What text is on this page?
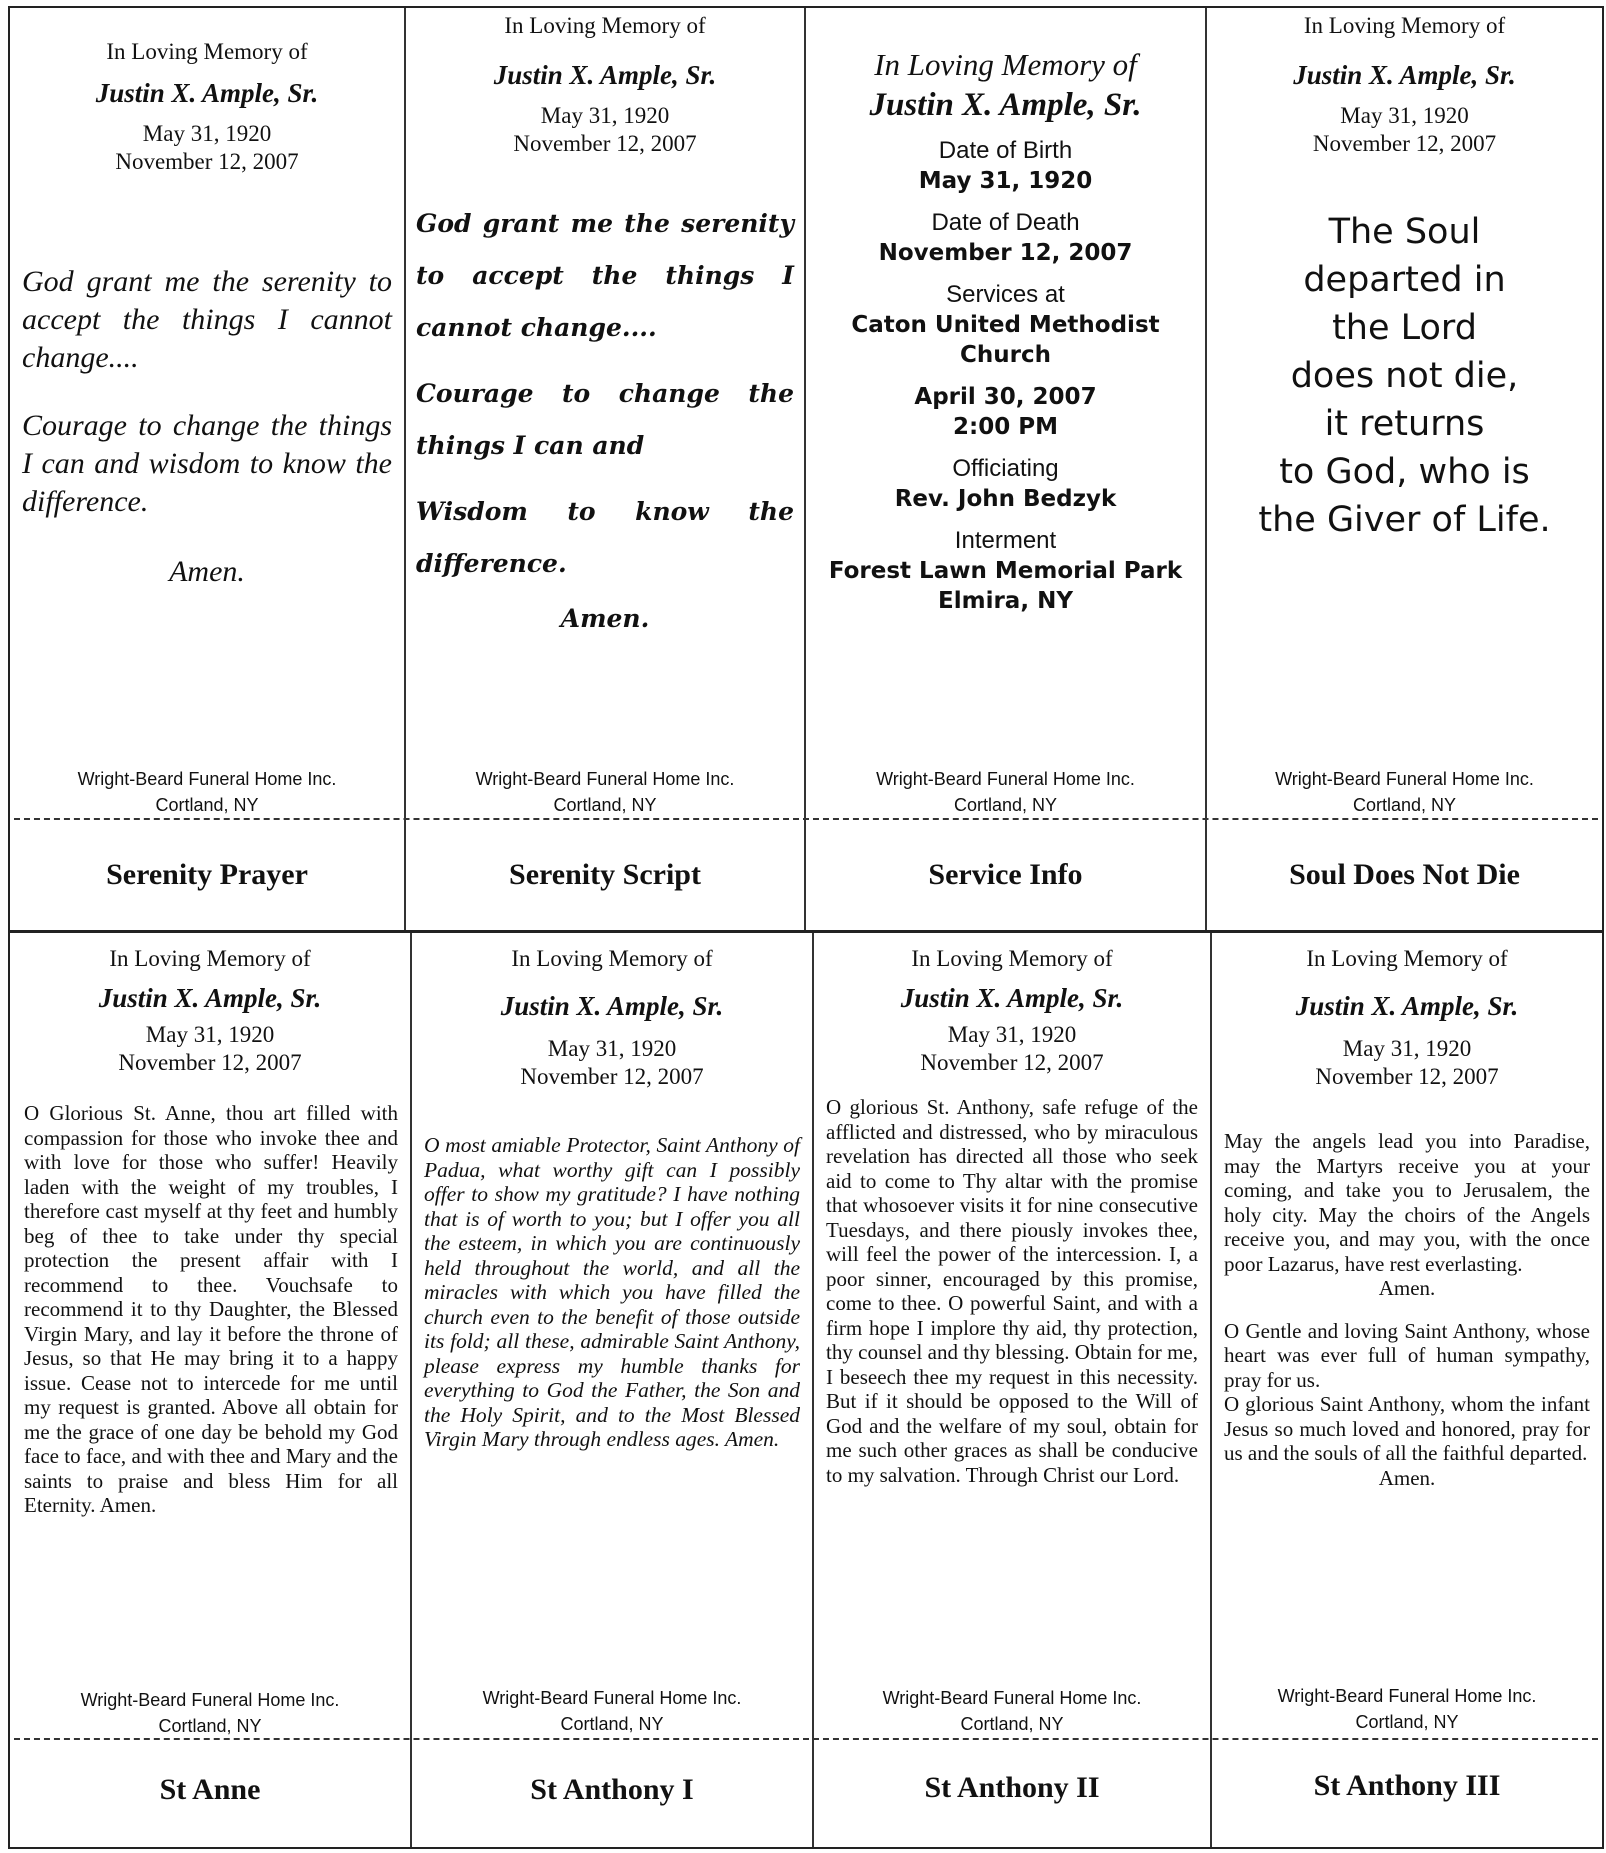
In Loving Memory of
Justin X. Ample, Sr.
May 31, 1920
November 12, 2007
God grant me the serenity to accept the things I cannot change....
Courage to change the things I can and wisdom to know the difference.
Amen.
Wright-Beard Funeral Home Inc.
Cortland, NY
Serenity Prayer
In Loving Memory of
Justin X. Ample, Sr.
May 31, 1920
November 12, 2007
God grant me the serenity to accept the things I cannot change....
Courage to change the things I can and
Wisdom to know the difference.
Amen.
Wright-Beard Funeral Home Inc.
Cortland, NY
Serenity Script
In Loving Memory of
Justin X. Ample, Sr.
Date of Birth
May 31, 1920
Date of Death
November 12, 2007
Services at
Caton United Methodist Church
April 30, 2007
2:00 PM
Officiating
Rev. John Bedzyk
Interment
Forest Lawn Memorial Park
Elmira, NY
Wright-Beard Funeral Home Inc.
Cortland, NY
Service Info
In Loving Memory of
Justin X. Ample, Sr.
May 31, 1920
November 12, 2007
The Soul
departed in
the Lord
does not die,
it returns
to God, who is
the Giver of Life.
Wright-Beard Funeral Home Inc.
Cortland, NY
Soul Does Not Die
In Loving Memory of
Justin X. Ample, Sr.
May 31, 1920
November 12, 2007
O Glorious St. Anne, thou art filled with compassion for those who invoke thee and with love for those who suffer! Heavily laden with the weight of my troubles, I therefore cast myself at thy feet and humbly beg of thee to take under thy special protection the present affair with I recommend to thee. Vouchsafe to recommend it to thy Daughter, the Blessed Virgin Mary, and lay it before the throne of Jesus, so that He may bring it to a happy issue. Cease not to intercede for me until my request is granted. Above all obtain for me the grace of one day be behold my God face to face, and with thee and Mary and the saints to praise and bless Him for all Eternity. Amen.
Wright-Beard Funeral Home Inc.
Cortland, NY
St Anne
In Loving Memory of
Justin X. Ample, Sr.
May 31, 1920
November 12, 2007
O most amiable Protector, Saint Anthony of Padua, what worthy gift can I possibly offer to show my gratitude? I have nothing that is of worth to you; but I offer you all the esteem, in which you are continuously held throughout the world, and all the miracles with which you have filled the church even to the benefit of those outside its fold; all these, admirable Saint Anthony, please express my humble thanks for everything to God the Father, the Son and the Holy Spirit, and to the Most Blessed Virgin Mary through endless ages. Amen.
Wright-Beard Funeral Home Inc.
Cortland, NY
St Anthony I
In Loving Memory of
Justin X. Ample, Sr.
May 31, 1920
November 12, 2007
O glorious St. Anthony, safe refuge of the afflicted and distressed, who by miraculous revelation has directed all those who seek aid to come to Thy altar with the promise that whosoever visits it for nine consecutive Tuesdays, and there piously invokes thee, will feel the power of the intercession. I, a poor sinner, encouraged by this promise, come to thee. O powerful Saint, and with a firm hope I implore thy aid, thy protection, thy counsel and thy blessing. Obtain for me, I beseech thee my request in this necessity. But if it should be opposed to the Will of God and the welfare of my soul, obtain for me such other graces as shall be conducive to my salvation. Through Christ our Lord.
Wright-Beard Funeral Home Inc.
Cortland, NY
St Anthony II
In Loving Memory of
Justin X. Ample, Sr.
May 31, 1920
November 12, 2007
May the angels lead you into Paradise, may the Martyrs receive you at your coming, and take you to Jerusalem, the holy city. May the choirs of the Angels receive you, and may you, with the once poor Lazarus, have rest everlasting.
Amen.
O Gentle and loving Saint Anthony, whose heart was ever full of human sympathy, pray for us.
O glorious Saint Anthony, whom the infant Jesus so much loved and honored, pray for us and the souls of all the faithful departed.
Amen.
Wright-Beard Funeral Home Inc.
Cortland, NY
St Anthony III
